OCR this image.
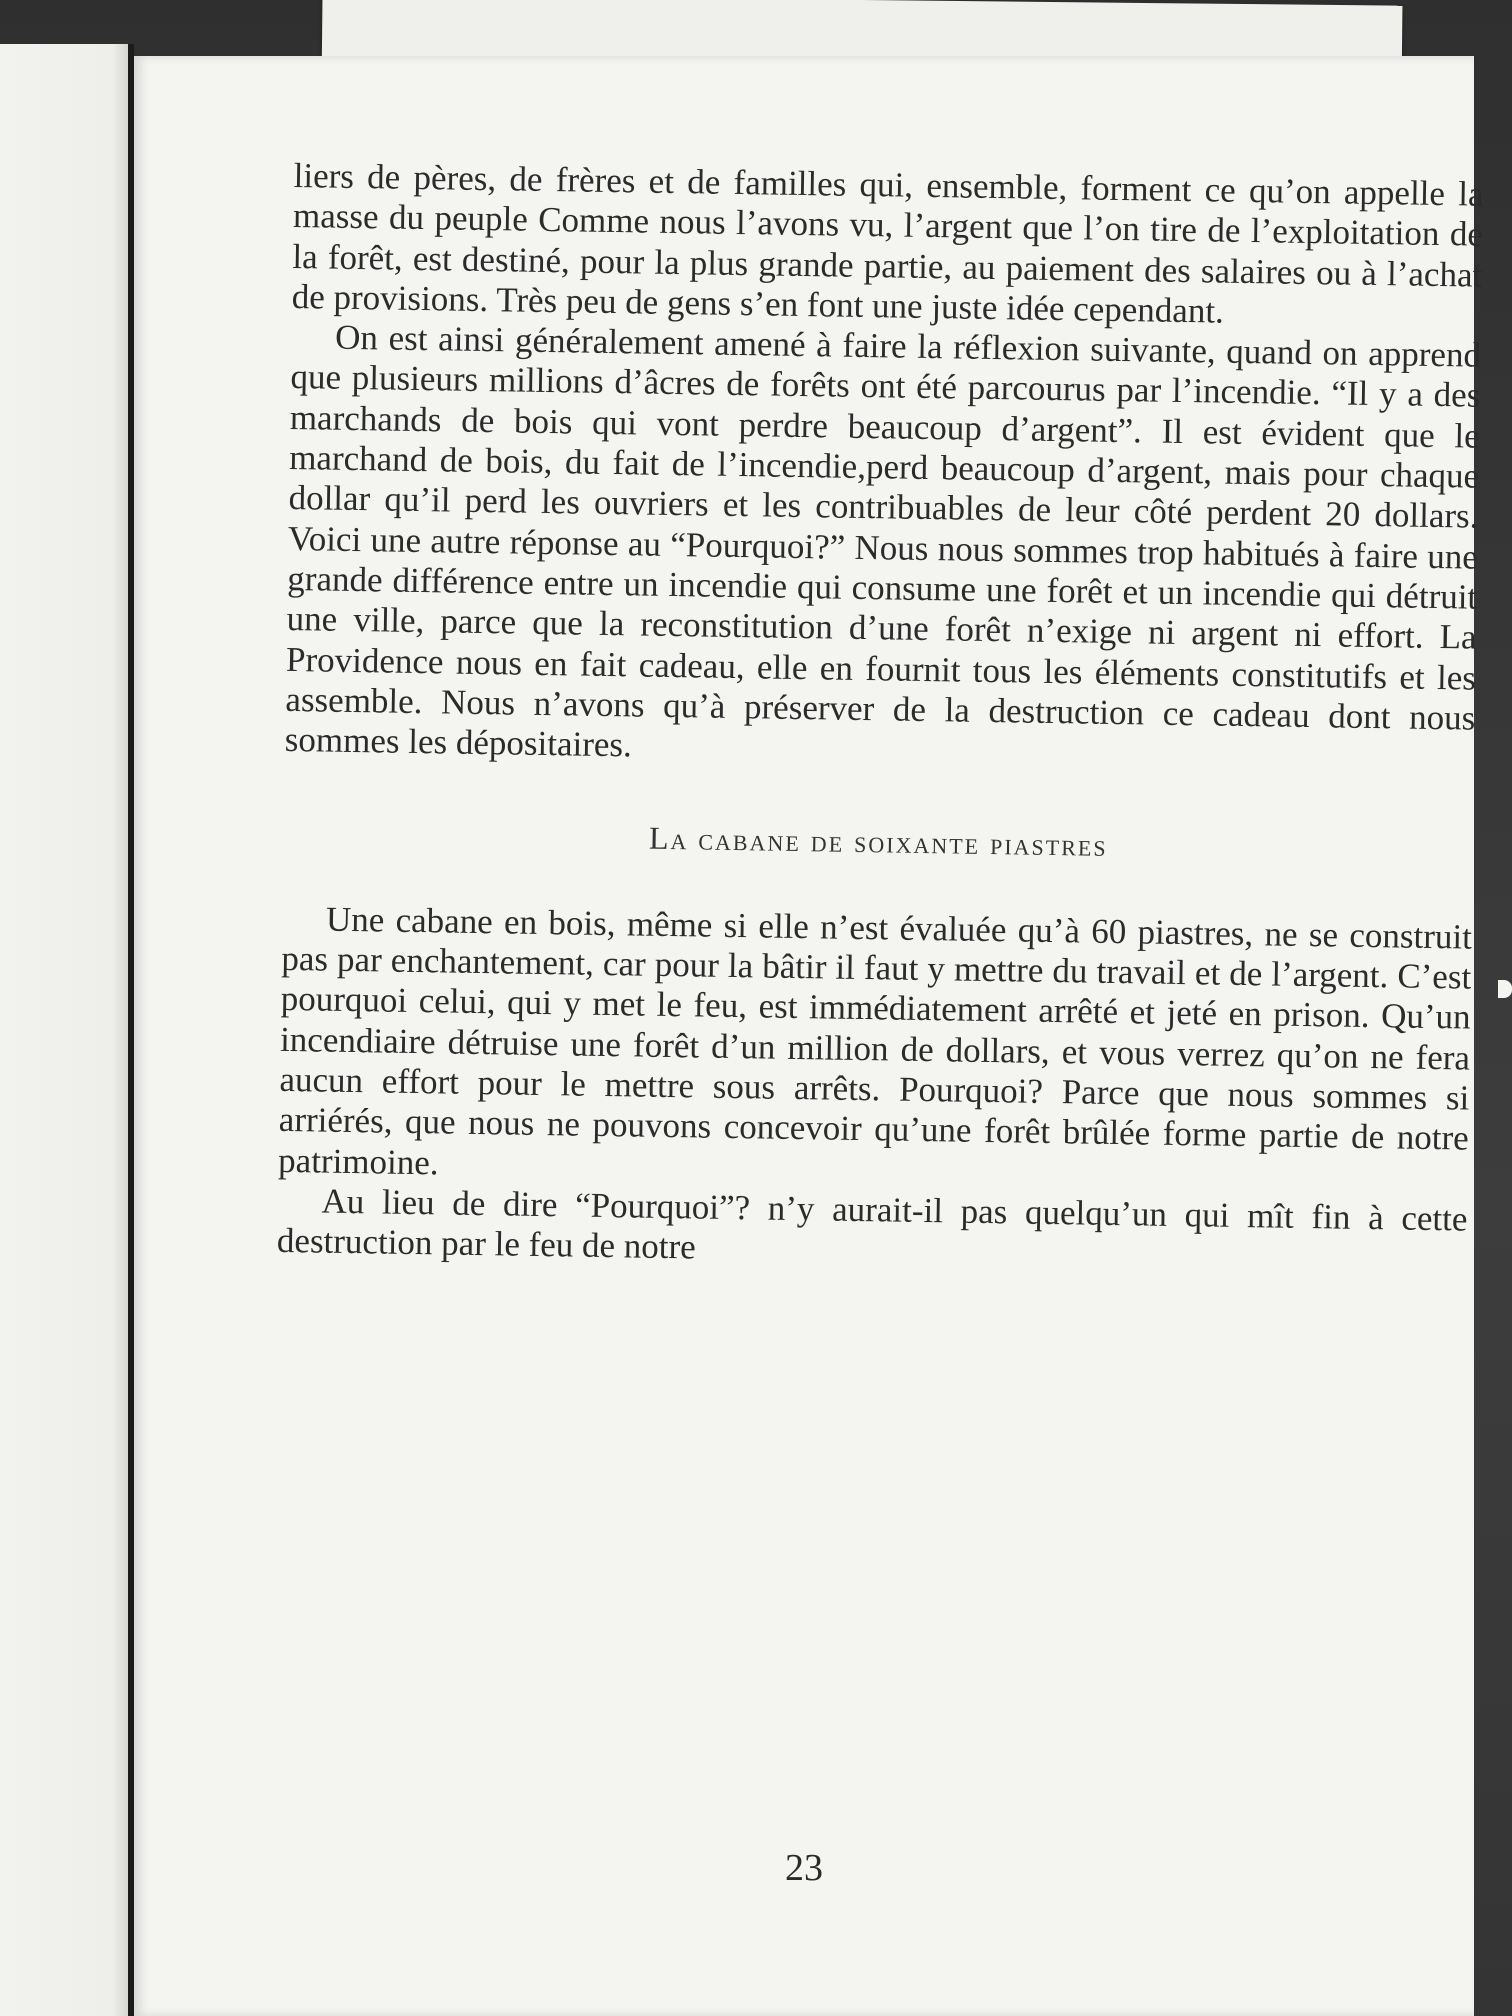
liers de pères, de frères et de familles qui, ensemble, forment ce qu’on appelle la masse du peuple Comme nous l’avons vu, l’argent que l’on tire de l’exploitation de la forêt, est destiné, pour la plus grande partie, au paiement des salaires ou à l’achat de provisions. Très peu de gens s’en font une juste idée cependant.

On est ainsi généralement amené à faire la réflexion suivante, quand on apprend que plusieurs millions d’âcres de forêts ont été parcourus par l’incendie. “Il y a des marchands de bois qui vont perdre beaucoup d’argent”. Il est évident que le marchand de bois, du fait de l’incendie,perd beaucoup d’argent, mais pour chaque dollar qu’il perd les ouvriers et les contribuables de leur côté perdent 20 dollars. Voici une autre réponse au “Pourquoi?” Nous nous sommes trop habitués à faire une grande différence entre un incendie qui consume une forêt et un incendie qui détruit une ville, parce que la reconstitution d’une forêt n’exige ni argent ni effort. La Providence nous en fait cadeau, elle en fournit tous les éléments constitutifs et les assemble. Nous n’avons qu’à préserver de la destruction ce cadeau dont nous sommes les dépositaires.

La cabane de soixante piastres

Une cabane en bois, même si elle n’est évaluée qu’à 60 piastres, ne se construit pas par enchantement, car pour la bâtir il faut y mettre du travail et de l’argent. C’est pourquoi celui, qui y met le feu, est immédiatement arrêté et jeté en prison. Qu’un incendiaire détruise une forêt d’un million de dollars, et vous verrez qu’on ne fera aucun effort pour le mettre sous arrêts. Pourquoi? Parce que nous sommes si arriérés, que nous ne pouvons concevoir qu’une forêt brûlée forme partie de notre patrimoine.

Au lieu de dire “Pourquoi”? n’y aurait-il pas quelqu’un qui mît fin à cette destruction par le feu de notre

23
